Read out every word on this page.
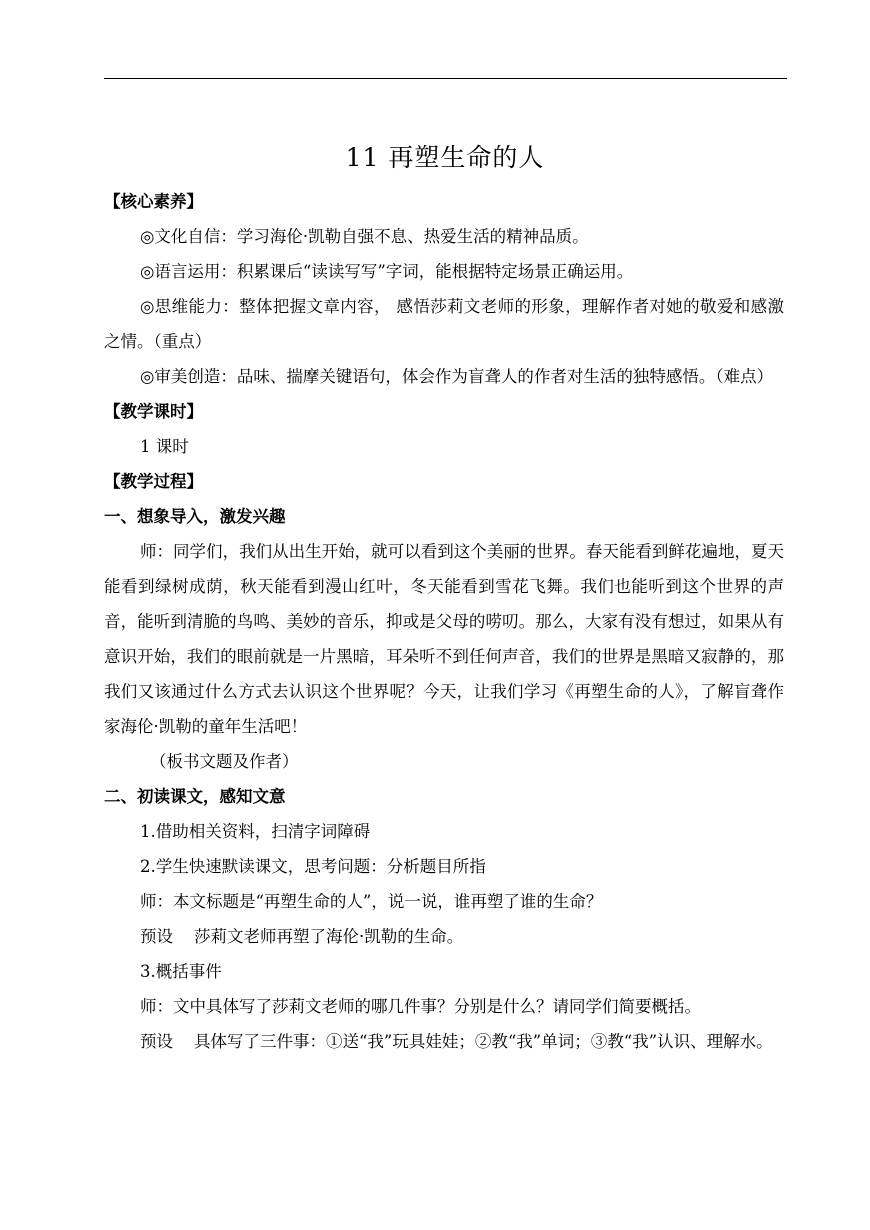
11 再塑生命的人

【核心素养】

◎文化自信：学习海伦·凯勒自强不息、热爱生活的精神品质。

◎语言运用：积累课后“读读写写”字词，能根据特定场景正确运用。

◎思维能力：整体把握文章内容， 感悟莎莉文老师的形象，理解作者对她的敬爱和感激之情。（重点）

◎审美创造：品味、揣摩关键语句，体会作为盲聋人的作者对生活的独特感悟。（难点）

【教学课时】

1 课时

【教学过程】

一、想象导入，激发兴趣

师：同学们，我们从出生开始，就可以看到这个美丽的世界。春天能看到鲜花遍地，夏天能看到绿树成荫，秋天能看到漫山红叶，冬天能看到雪花飞舞。我们也能听到这个世界的声音，能听到清脆的鸟鸣、美妙的音乐，抑或是父母的唠叨。那么，大家有没有想过，如果从有意识开始，我们的眼前就是一片黑暗，耳朵听不到任何声音，我们的世界是黑暗又寂静的，那我们又该通过什么方式去认识这个世界呢？今天，让我们学习《再塑生命的人》，了解盲聋作家海伦·凯勒的童年生活吧！

（板书文题及作者）

二、初读课文，感知文意

1.借助相关资料，扫清字词障碍

2.学生快速默读课文，思考问题：分析题目所指

师：本文标题是“再塑生命的人”，说一说，谁再塑了谁的生命？

预设    莎莉文老师再塑了海伦·凯勒的生命。

3.概括事件

师：文中具体写了莎莉文老师的哪几件事？分别是什么？请同学们简要概括。

预设    具体写了三件事：①送“我”玩具娃娃；②教“我”单词；③教“我”认识、理解水。
